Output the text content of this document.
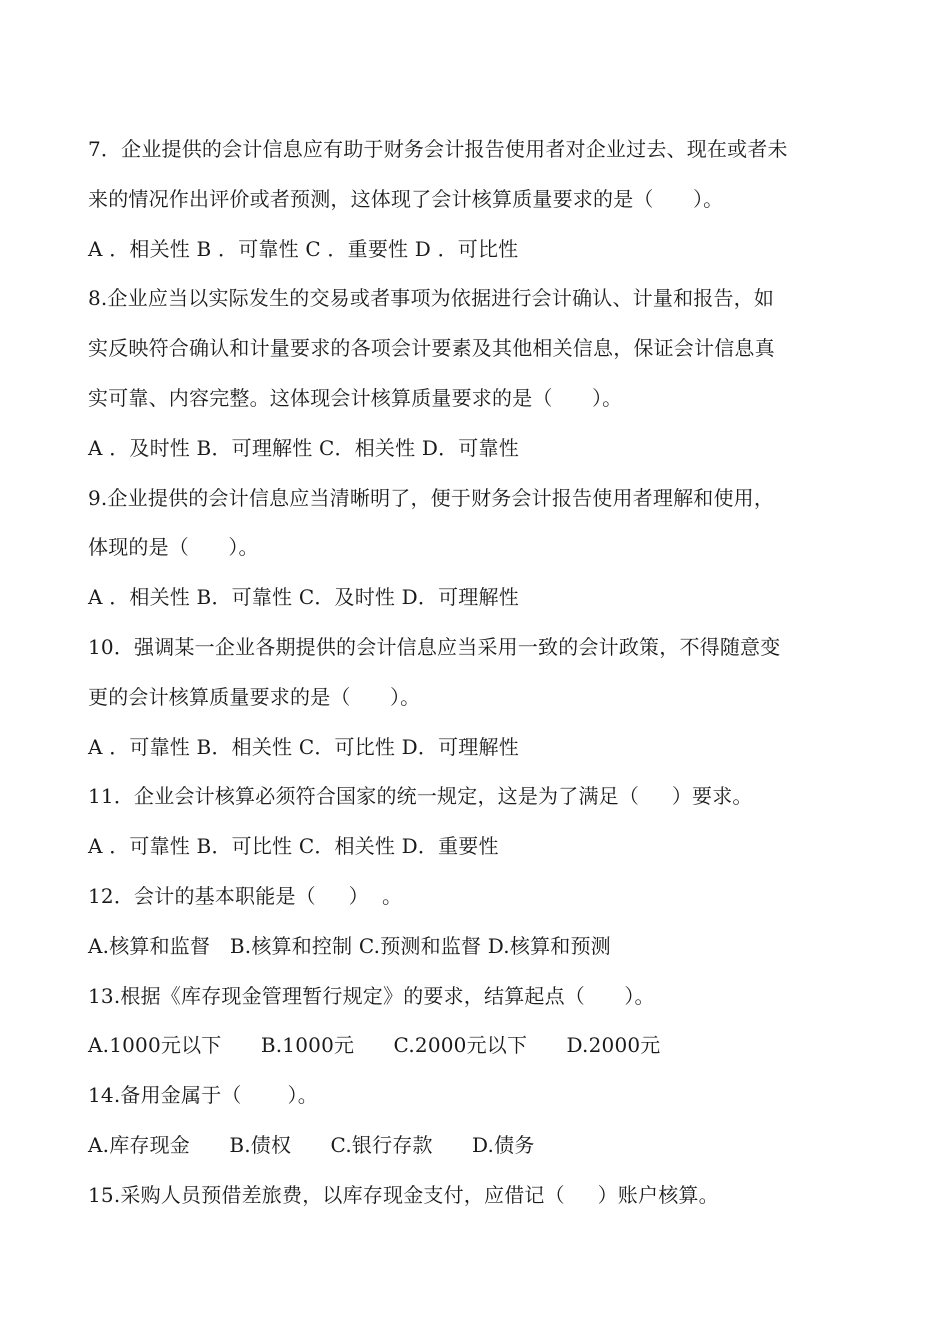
7．企业提供的会计信息应有助于财务会计报告使用者对企业过去、现在或者未
来的情况作出评价或者预测，这体现了会计核算质量要求的是（      ）。
A ．相关性 B ．可靠性 C ．重要性 D ．可比性
8.企业应当以实际发生的交易或者事项为依据进行会计确认、计量和报告，如
实反映符合确认和计量要求的各项会计要素及其他相关信息，保证会计信息真
实可靠、内容完整。这体现会计核算质量要求的是（      ）。
A ．及时性 B．可理解性 C．相关性 D．可靠性
9.企业提供的会计信息应当清晰明了，便于财务会计报告使用者理解和使用，
体现的是（      ）。
A ．相关性 B．可靠性 C．及时性 D．可理解性
10．强调某一企业各期提供的会计信息应当采用一致的会计政策，不得随意变
更的会计核算质量要求的是（      ）。
A ．可靠性 B．相关性 C．可比性 D．可理解性
11．企业会计核算必须符合国家的统一规定，这是为了满足（     ）要求。
A ．可靠性 B．可比性 C．相关性 D．重要性
12．会计的基本职能是（     ）  。
A.核算和监督   B.核算和控制 C.预测和监督 D.核算和预测
13.根据《库存现金管理暂行规定》的要求，结算起点（      ）。
A.1000元以下      B.1000元      C.2000元以下      D.2000元
14.备用金属于（       ）。
A.库存现金      B.债权      C.银行存款      D.债务
15.采购人员预借差旅费，以库存现金支付，应借记（     ）账户核算。
